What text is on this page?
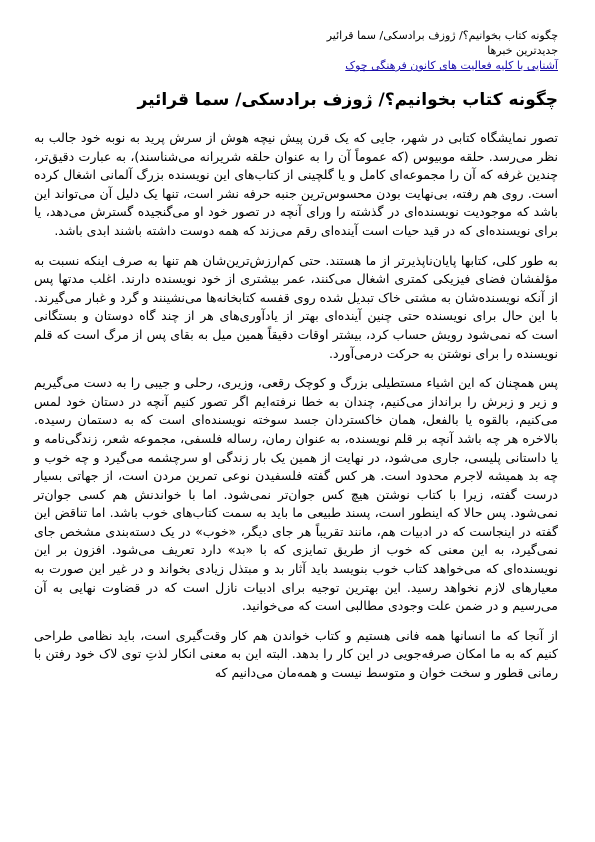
چگونه کتاب بخوانیم؟/ ژوزف برادسکی/ سما قرائیر
جدیدترین خبرها
آشنایی با کلیه فعالیت های کانون فرهنگی چوک
چگونه کتاب بخوانیم؟/ ژوزف برادسکی/ سما قرائیر

تصور نمایشگاه کتابی در شهر، جایی که یک قرن پیش نیچه هوش از سرش پرید به نوبه خود جالب به نظر می‌رسد. حلقه موبیوس (که عموماً آن را به عنوان حلقه شریرانه می‌شناسند)، به عبارت دقیق‌تر، چندین غرفه که آن را مجموعه‌ای کامل و یا گلچینی از کتاب‌های این نویسنده بزرگ آلمانی اشغال کرده است. روی هم رفته، بی‌نهایت بودن محسوس‌ترین جنبه حرفه نشر است، تنها یک دلیل آن می‌تواند این باشد که موجودیت نویسنده‌ای در گذشته را ورای آنچه در تصور خود او می‌گنجیده گسترش می‌دهد، یا برای نویسنده‌ای که در قید حیات است آینده‌ای رقم می‌زند که همه دوست داشته باشند ابدی باشد.

به طور کلی، کتابها پایان‌ناپذیرتر از ما هستند. حتی کم‌ارزش‌ترین‌شان هم تنها به صرف اینکه نسبت به مؤلفشان فضای فیزیکی کمتری اشغال می‌کنند، عمر بیشتری از خود نویسنده دارند. اغلب مدتها پس از آنکه نویسنده‌شان به مشتی خاک تبدیل شده روی قفسه کتابخانه‌ها می‌نشینند و گرد و غبار می‌گیرند. با این حال برای نویسنده حتی چنین آینده‌ای بهتر از یادآوری‌های هر از چند گاه دوستان و بستگانی است که نمی‌شود رویش حساب کرد، بیشتر اوقات دقیقاً همین میل به بقای پس از مرگ است که قلم نویسنده را برای نوشتن به حرکت درمی‌آورد.

پس همچنان که این اشیاء مستطیلی بزرگ و کوچک رقعی، وزیری، رحلی و جیبی را به دست می‌گیریم و زیر و زبرش را برانداز می‌کنیم، چندان به خطا نرفته‌ایم اگر تصور کنیم آنچه در دستان خود لمس می‌کنیم، بالقوه یا بالفعل، همان خاکستردان جسد سوخته نویسنده‌ای است که به دستمان رسیده. بالاخره هر چه باشد آنچه بر قلم نویسنده، به عنوان رمان، رساله فلسفی، مجموعه شعر، زندگی‌نامه و یا داستانی پلیسی، جاری می‌شود، در نهایت از همین یک بار زندگی او سرچشمه می‌گیرد و چه خوب و چه بد همیشه لاجرم محدود است. هر کس گفته فلسفیدن نوعی تمرین مردن است، از جهاتی بسیار درست گفته، زیرا با کتاب نوشتن هیچ کس جوان‌تر نمی‌شود. اما با خواندنش هم کسی جوان‌تر نمی‌شود. پس حالا که اینطور است، پسند طبیعی ما باید به سمت کتاب‌های خوب باشد. اما تناقض این گفته در اینجاست که در ادبیات هم، مانند تقریباً هر جای دیگر، «خوب» در یک دسته‌بندی مشخص جای نمی‌گیرد، به این معنی که خوب از طریق تمایزی که با «بد» دارد تعریف می‌شود. افزون بر این نویسنده‌ای که می‌خواهد کتاب خوب بنویسد باید آثار بد و مبتذل زیادی بخواند و در غیر این صورت به معیارهای لازم نخواهد رسید. این بهترین توجیه برای ادبیات نازل است که در قضاوت نهایی به آن می‌رسیم و در ضمن علت وجودی مطالبی است که می‌خوانید.

از آنجا که ما انسانها همه فانی هستیم و کتاب خواندن هم کار وقت‌گیری است، باید نظامی طراحی کنیم که به ما امکان صرفه‌جویی در این کار را بدهد. البته این به معنی انکار لذتِ توی لاک خود رفتن با رمانی قطور و سخت خوان و متوسط نیست و همه‌مان می‌دانیم که
